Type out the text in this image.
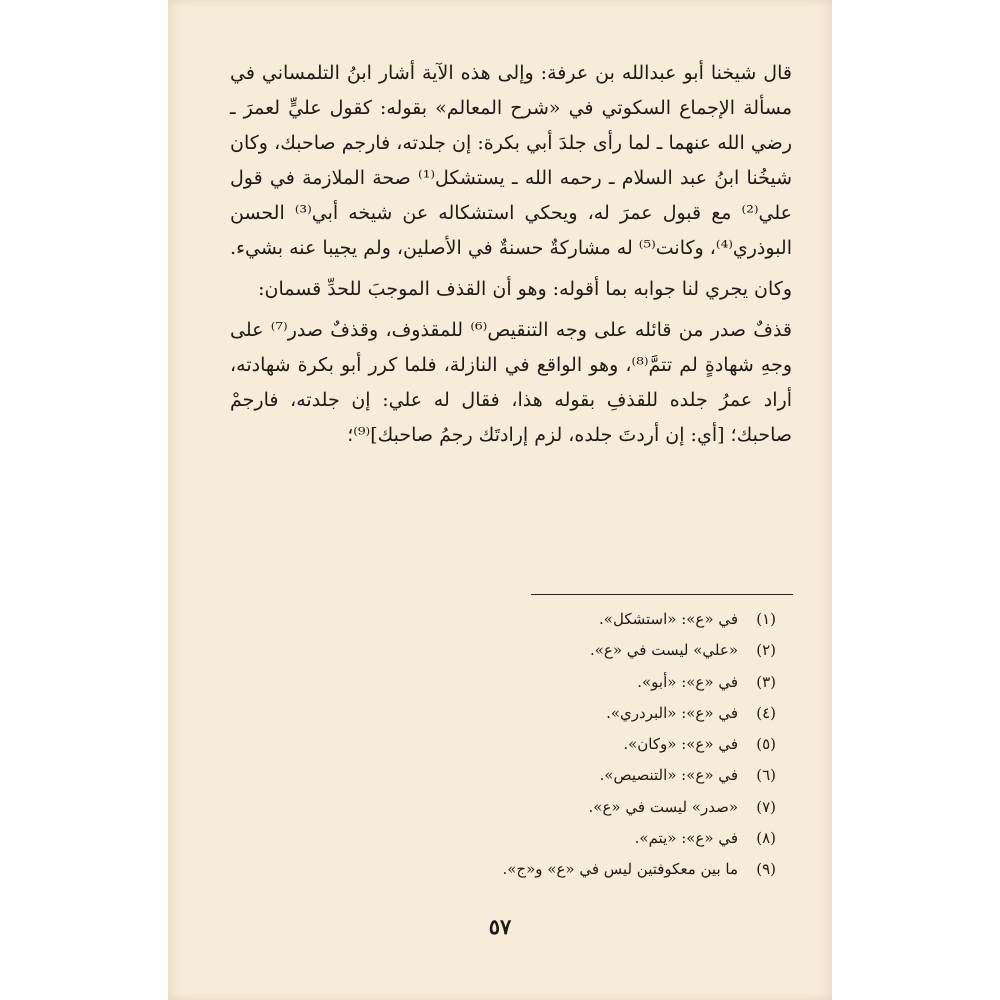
قال شيخنا أبو عبدالله بن عرفة: وإلى هذه الآية أشار ابنُ التلمساني في مسألة الإجماع السكوتي في «شرح المعالم» بقوله: كقول عليٍّ لعمرَ ـ رضي الله عنهما ـ لما رأى جلدَ أبي بكرة: إن جلدته، فارجم صاحبك، وكان شيخُنا ابنُ عبد السلام ـ رحمه الله ـ يستشكل⁽¹⁾ صحة الملازمة في قول علي⁽²⁾ مع قبول عمرَ له، ويحكي استشكاله عن شيخه أبي⁽³⁾ الحسن البوذري⁽⁴⁾، وكانت⁽⁵⁾ له مشاركةٌ حسنةٌ في الأصلين، ولم يجيبا عنه بشيء.

وكان يجري لنا جوابه بما أقوله: وهو أن القذف الموجبَ للحدِّ قسمان:

قذفٌ صدر من قائله على وجه التنقيص⁽⁶⁾ للمقذوف، وقذفٌ صدر⁽⁷⁾ على وجهِ شهادةٍ لم تتمَّ⁽⁸⁾، وهو الواقع في النازلة، فلما كرر أبو بكرة شهادته، أراد عمرُ جلده للقذفِ بقوله هذا، فقال له علي: إن جلدته، فارجمْ صاحبك؛ [أي: إن أردتَ جلده، لزم إرادتَك رجمُ صاحبك]⁽⁹⁾؛

(١)في «ع»: «استشكل».
(٢)«علي» ليست في «ع».
(٣)في «ع»: «أبو».
(٤)في «ع»: «البردري».
(٥)في «ع»: «وكان».
(٦)في «ع»: «التنصيص».
(٧)«صدر» ليست في «ع».
(٨)في «ع»: «يتم».
(٩)ما بين معكوفتين ليس في «ع» و«ج».
٥٧
